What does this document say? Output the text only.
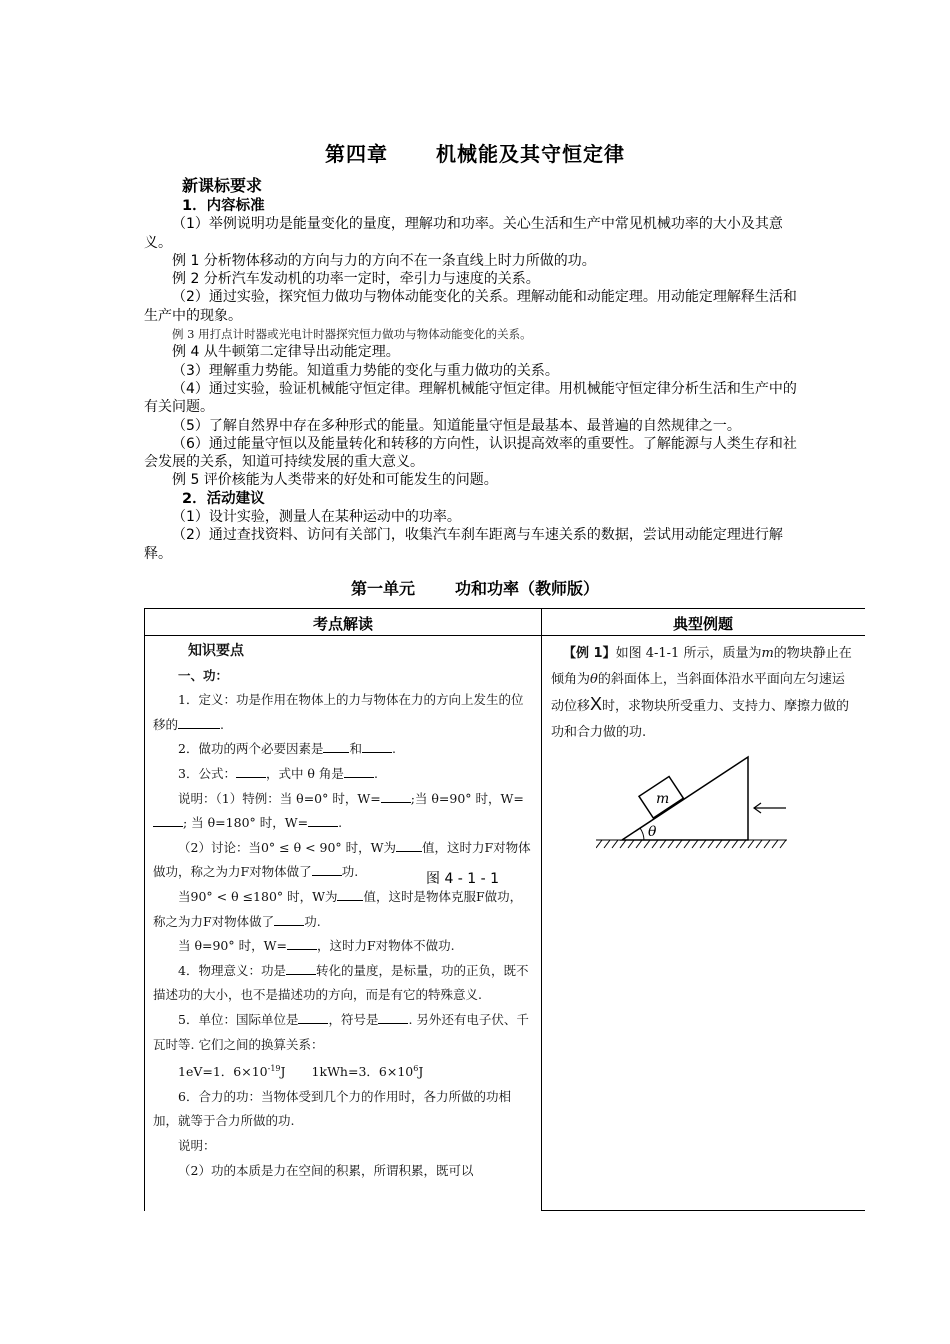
第四章 机械能及其守恒定律

新课标要求

1．内容标准

（1）举例说明功是能量变化的量度，理解功和功率。关心生活和生产中常见机械功率的大小及其意义。

例 1 分析物体移动的方向与力的方向不在一条直线上时力所做的功。

例 2 分析汽车发动机的功率一定时，牵引力与速度的关系。

（2）通过实验，探究恒力做功与物体动能变化的关系。理解动能和动能定理。用动能定理解释生活和生产中的现象。

例 3 用打点计时器或光电计时器探究恒力做功与物体动能变化的关系。

例 4 从牛顿第二定律导出动能定理。

（3）理解重力势能。知道重力势能的变化与重力做功的关系。

（4）通过实验，验证机械能守恒定律。理解机械能守恒定律。用机械能守恒定律分析生活和生产中的有关问题。

（5）了解自然界中存在多种形式的能量。知道能量守恒是最基本、最普遍的自然规律之一。

（6）通过能量守恒以及能量转化和转移的方向性，认识提高效率的重要性。了解能源与人类生存和社会发展的关系，知道可持续发展的重大意义。

例 5 评价核能为人类带来的好处和可能发生的问题。

2．活动建议

（1）设计实验，测量人在某种运动中的功率。

（2）通过查找资料、访问有关部门，收集汽车刹车距离与车速关系的数据，尝试用动能定理进行解释。

第一单元	功和功率（教师版）
考点解读	典型例题

知识要点

一、功：

1．定义：功是作用在物体上的力与物体在力的方向上发生的位移的	.

2．做功的两个必要因素是 和 .

3．公式： ，式中 θ 角是 .

说明：（1）特例：当 θ=0° 时，W= ;当 θ=90° 时，W=; 当 θ=180° 时，W= .

（2）讨论：当0° ≤ θ < 90° 时，W为 值，这时力F对物体做功，称之为力F对物体做了 功.

当90° < θ ≤180° 时，W为 值，这时是物体克服F做功，称之为力F对物体做了 功.

当 θ=90° 时，W= ，这时力F对物体不做功.

4．物理意义：功是 转化的量度，是标量，功的正负，既不描述功的大小，也不是描述功的方向，而是有它的特殊意义.

5．单位：国际单位是 ，符号是 . 另外还有电子伏、千瓦时等. 它们之间的换算关系：

1eV=1．$6\times 10^{-19}J$ 1kWh=3．$6\times 10^6J$

6．合力的功：当物体受到几个力的作用时，各力所做的功相加，就等于合力所做的功.

说明：

（2）功的本质是力在空间的积累，所谓积累，既可以

【例 1】如图 4-1-1 所示，质量为m的物块静止在倾角为θ的斜面体上，当斜面体沿水平面向左匀速运动位移X时，求物块所受重力、支持力、摩擦力做的功和合力做的功.

m
θ
图 4 - 1 - 1
